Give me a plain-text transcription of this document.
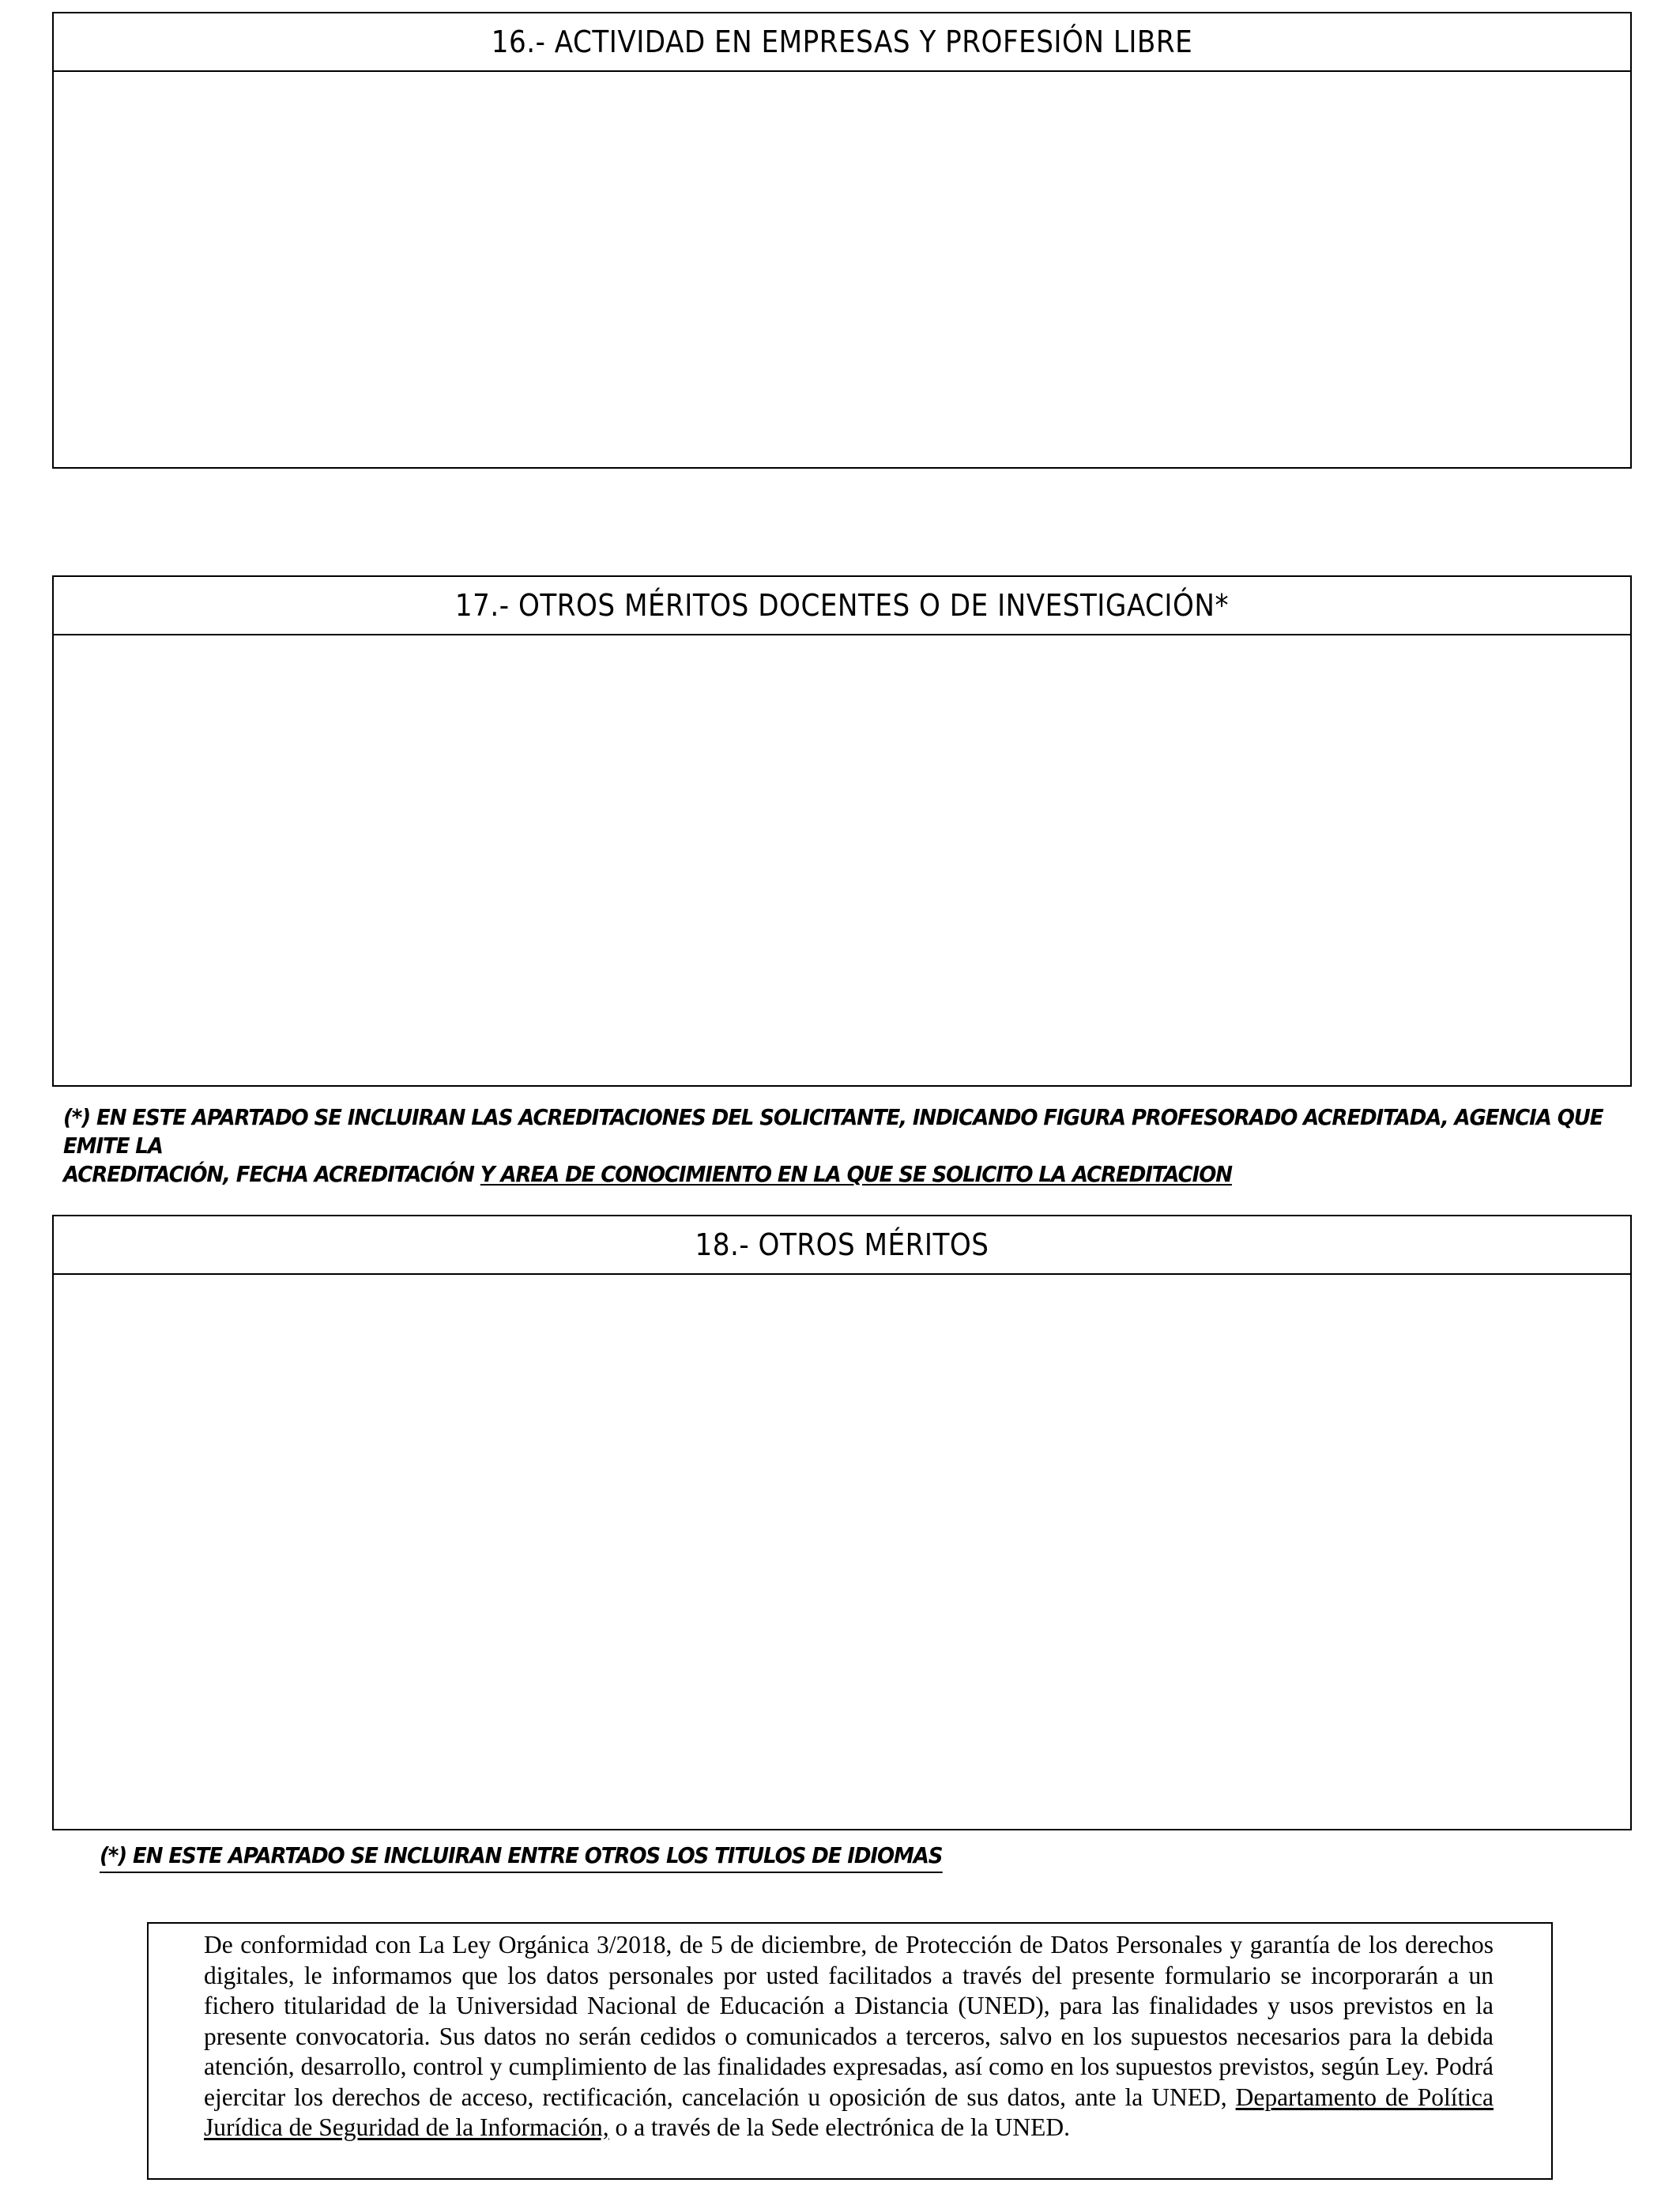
16.- ACTIVIDAD EN EMPRESAS Y PROFESIÓN LIBRE
17.- OTROS MÉRITOS DOCENTES O DE INVESTIGACIÓN*
(*) EN ESTE APARTADO SE INCLUIRAN LAS ACREDITACIONES DEL SOLICITANTE, INDICANDO FIGURA PROFESORADO ACREDITADA, AGENCIA QUE EMITE LA
ACREDITACIÓN, FECHA ACREDITACIÓN Y AREA DE CONOCIMIENTO EN LA QUE SE SOLICITO LA ACREDITACION
18.- OTROS MÉRITOS
(*) EN ESTE APARTADO SE INCLUIRAN ENTRE OTROS LOS TITULOS DE IDIOMAS
De conformidad con La Ley Orgánica 3/2018, de 5 de diciembre, de Protección de Datos Personales y garantía de los derechos digitales, le informamos que los datos personales por usted facilitados a través del presente formulario se incorporarán a un fichero titularidad de la Universidad Nacional de Educación a Distancia (UNED), para las finalidades y usos previstos en la presente convocatoria. Sus datos no serán cedidos o comunicados a terceros, salvo en los supuestos necesarios para la debida atención, desarrollo, control y cumplimiento de las finalidades expresadas, así como en los supuestos previstos, según Ley. Podrá ejercitar los derechos de acceso, rectificación, cancelación u oposición de sus datos, ante la UNED, Departamento de Política Jurídica de Seguridad de la Información, o a través de la Sede electrónica de la UNED.
